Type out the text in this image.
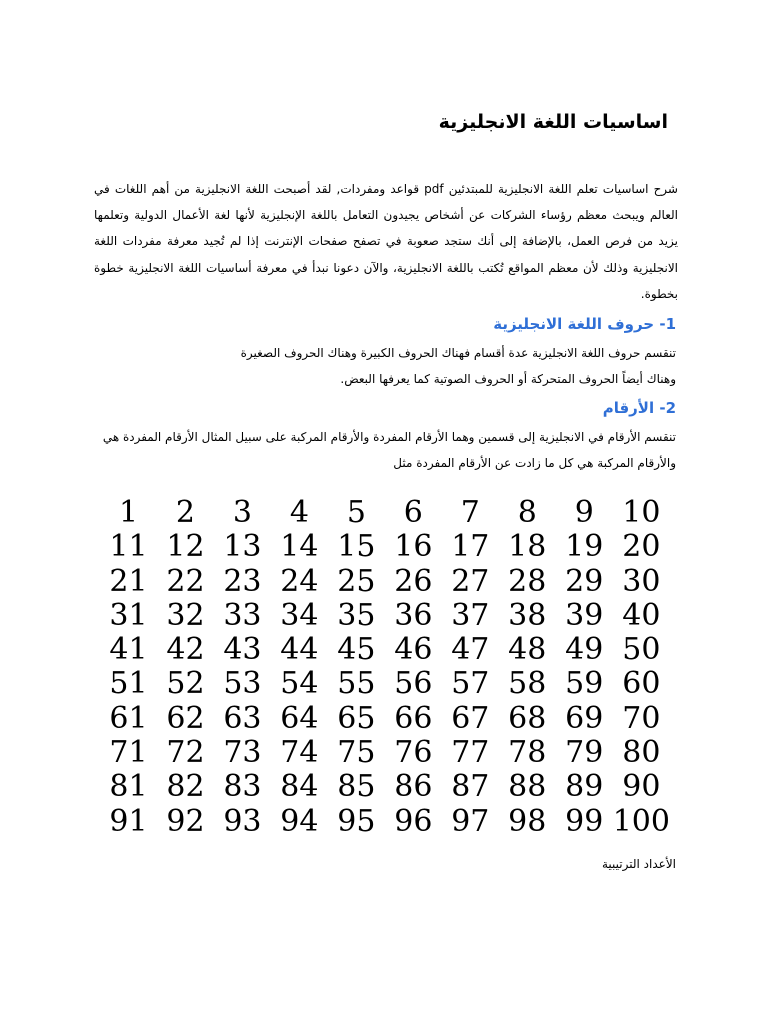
اساسيات اللغة الانجليزية
شرح اساسيات تعلم اللغة الانجليزية للمبتدئين pdf قواعد ومفردات, لقد أصبحت اللغة الانجليزية من أهم اللغات في العالم ويبحث معظم رؤساء الشركات عن أشخاص يجيدون التعامل باللغة الإنجليزية لأنها لغة الأعمال الدولية وتعلمها يزيد من فرص العمل، بالإضافة إلى أنك ستجد صعوبة في تصفح صفحات الإنترنت إذا لم تُجيد معرفة مفردات اللغة الانجليزية وذلك لأن معظم المواقع تُكتب باللغة الانجليزية، والآن دعونا نبدأ في معرفة أساسيات اللغة الانجليزية خطوة بخطوة.
1- حروف اللغة الانجليزية
تنقسم حروف اللغة الانجليزية عدة أقسام فهناك الحروف الكبيرة وهناك الحروف الصغيرة
وهناك أيضاً الحروف المتحركة أو الحروف الصوتية كما يعرفها البعض.
2- الأرقام
تنقسم الأرقام في الانجليزية إلى قسمين وهما الأرقام المفردة والأرقام المركبة على سبيل المثال الأرقام المفردة هي
والأرقام المركبة هي كل ما زادت عن الأرقام المفردة مثل
1	2	3	4	5	6	7	8	9 10
11 12 13 14 15 16 17 18 19 20
21 22 23 24 25 26 27 28 29 30
31 32 33 34 35 36 37 38 39 40
41 42 43 44 45 46 47 48 49 50
51 52 53 54 55 56 57 58 59 60
61 62 63 64 65 66 67 68 69 70
71 72 73 74 75 76 77 78 79 80
81 82 83 84 85 86 87 88 89 90
91 92 93 94 95 96 97 98 99 100
الأعداد الترتيبية
